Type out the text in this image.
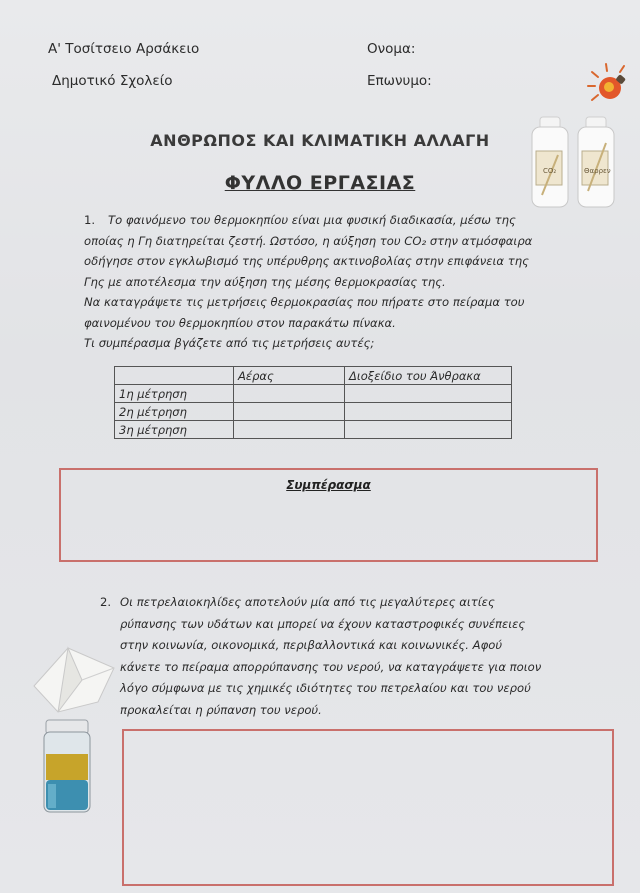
Α' Τοσίτσειο Αρσάκειο
Δημοτικό Σχολείο
Ονομα:
Επωνυμο:
CO₂	Θαρρεν
ΑΝΘΡΩΠΟΣ ΚΑΙ ΚΛΙΜΑΤΙΚΗ ΑΛΛΑΓΗ
ΦΥΛΛΟ ΕΡΓΑΣΙΑΣ
1. Το φαινόμενο του θερμοκηπίου είναι μια φυσική διαδικασία, μέσω της
οποίας η Γη διατηρείται ζεστή. Ωστόσο, η αύξηση του CO₂ στην ατμόσφαιρα
οδήγησε στον εγκλωβισμό της υπέρυθρης ακτινοβολίας στην επιφάνεια της
Γης με αποτέλεσμα την αύξηση της μέσης θερμοκρασίας της.
Να καταγράψετε τις μετρήσεις θερμοκρασίας που πήρατε στο πείραμα του
φαινομένου του θερμοκηπίου στον παρακάτω πίνακα.
Τι συμπέρασμα βγάζετε από τις μετρήσεις αυτές;
	Αέρας	Διοξείδιο του Άνθρακα
1η μέτρηση		
2η μέτρηση		
3η μέτρηση		
Συμπέρασμα
2. Οι πετρελαιοκηλίδες αποτελούν μία από τις μεγαλύτερες αιτίες
ρύπανσης των υδάτων και μπορεί να έχουν καταστροφικές συνέπειες
στην κοινωνία, οικονομικά, περιβαλλοντικά και κοινωνικές. Αφού
κάνετε το πείραμα απορρύπανσης του νερού, να καταγράψετε για ποιον
λόγο σύμφωνα με τις χημικές ιδιότητες του πετρελαίου και του νερού
προκαλείται η ρύπανση του νερού.
